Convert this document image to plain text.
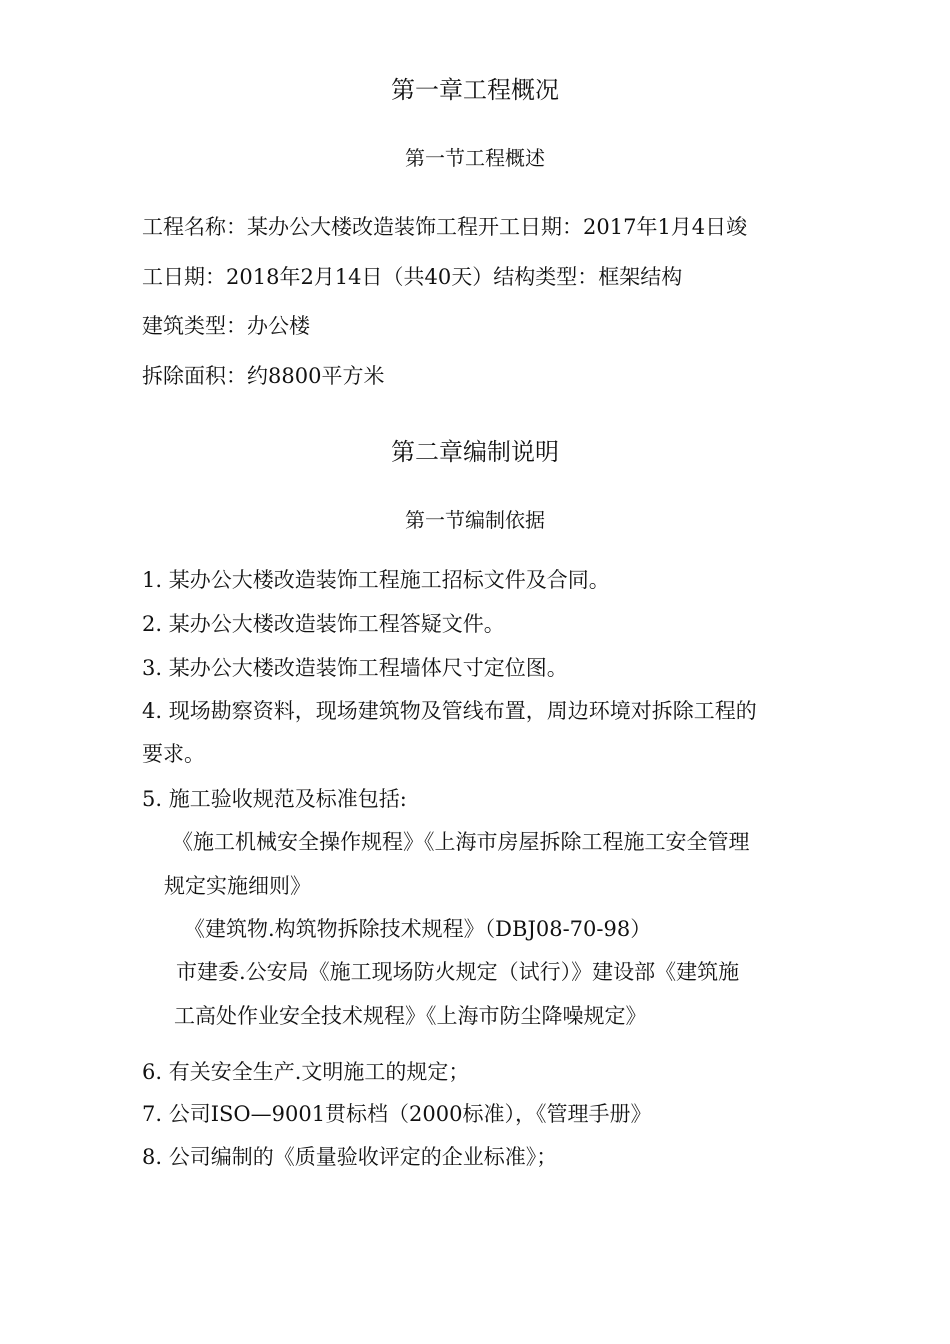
第一章工程概况
第一节工程概述
工程名称：某办公大楼改造装饰工程开工日期：2017年1月4日竣
工日期：2018年2月14日（共40天）结构类型：框架结构
建筑类型：办公楼
拆除面积：约8800平方米
第二章编制说明
第一节编制依据
1. 某办公大楼改造装饰工程施工招标文件及合同。
2. 某办公大楼改造装饰工程答疑文件。
3. 某办公大楼改造装饰工程墙体尺寸定位图。
4. 现场勘察资料，现场建筑物及管线布置，周边环境对拆除工程的
要求。
5. 施工验收规范及标准包括:
《施工机械安全操作规程》《上海市房屋拆除工程施工安全管理
规定实施细则》
《建筑物.构筑物拆除技术规程》（DBJ08-70-98）
市建委.公安局《施工现场防火规定（试行）》建设部《建筑施
工高处作业安全技术规程》《上海市防尘降噪规定》
6. 有关安全生产.文明施工的规定；
7. 公司ISO—9001贯标档（2000标准），《管理手册》
8. 公司编制的《质量验收评定的企业标准》；
